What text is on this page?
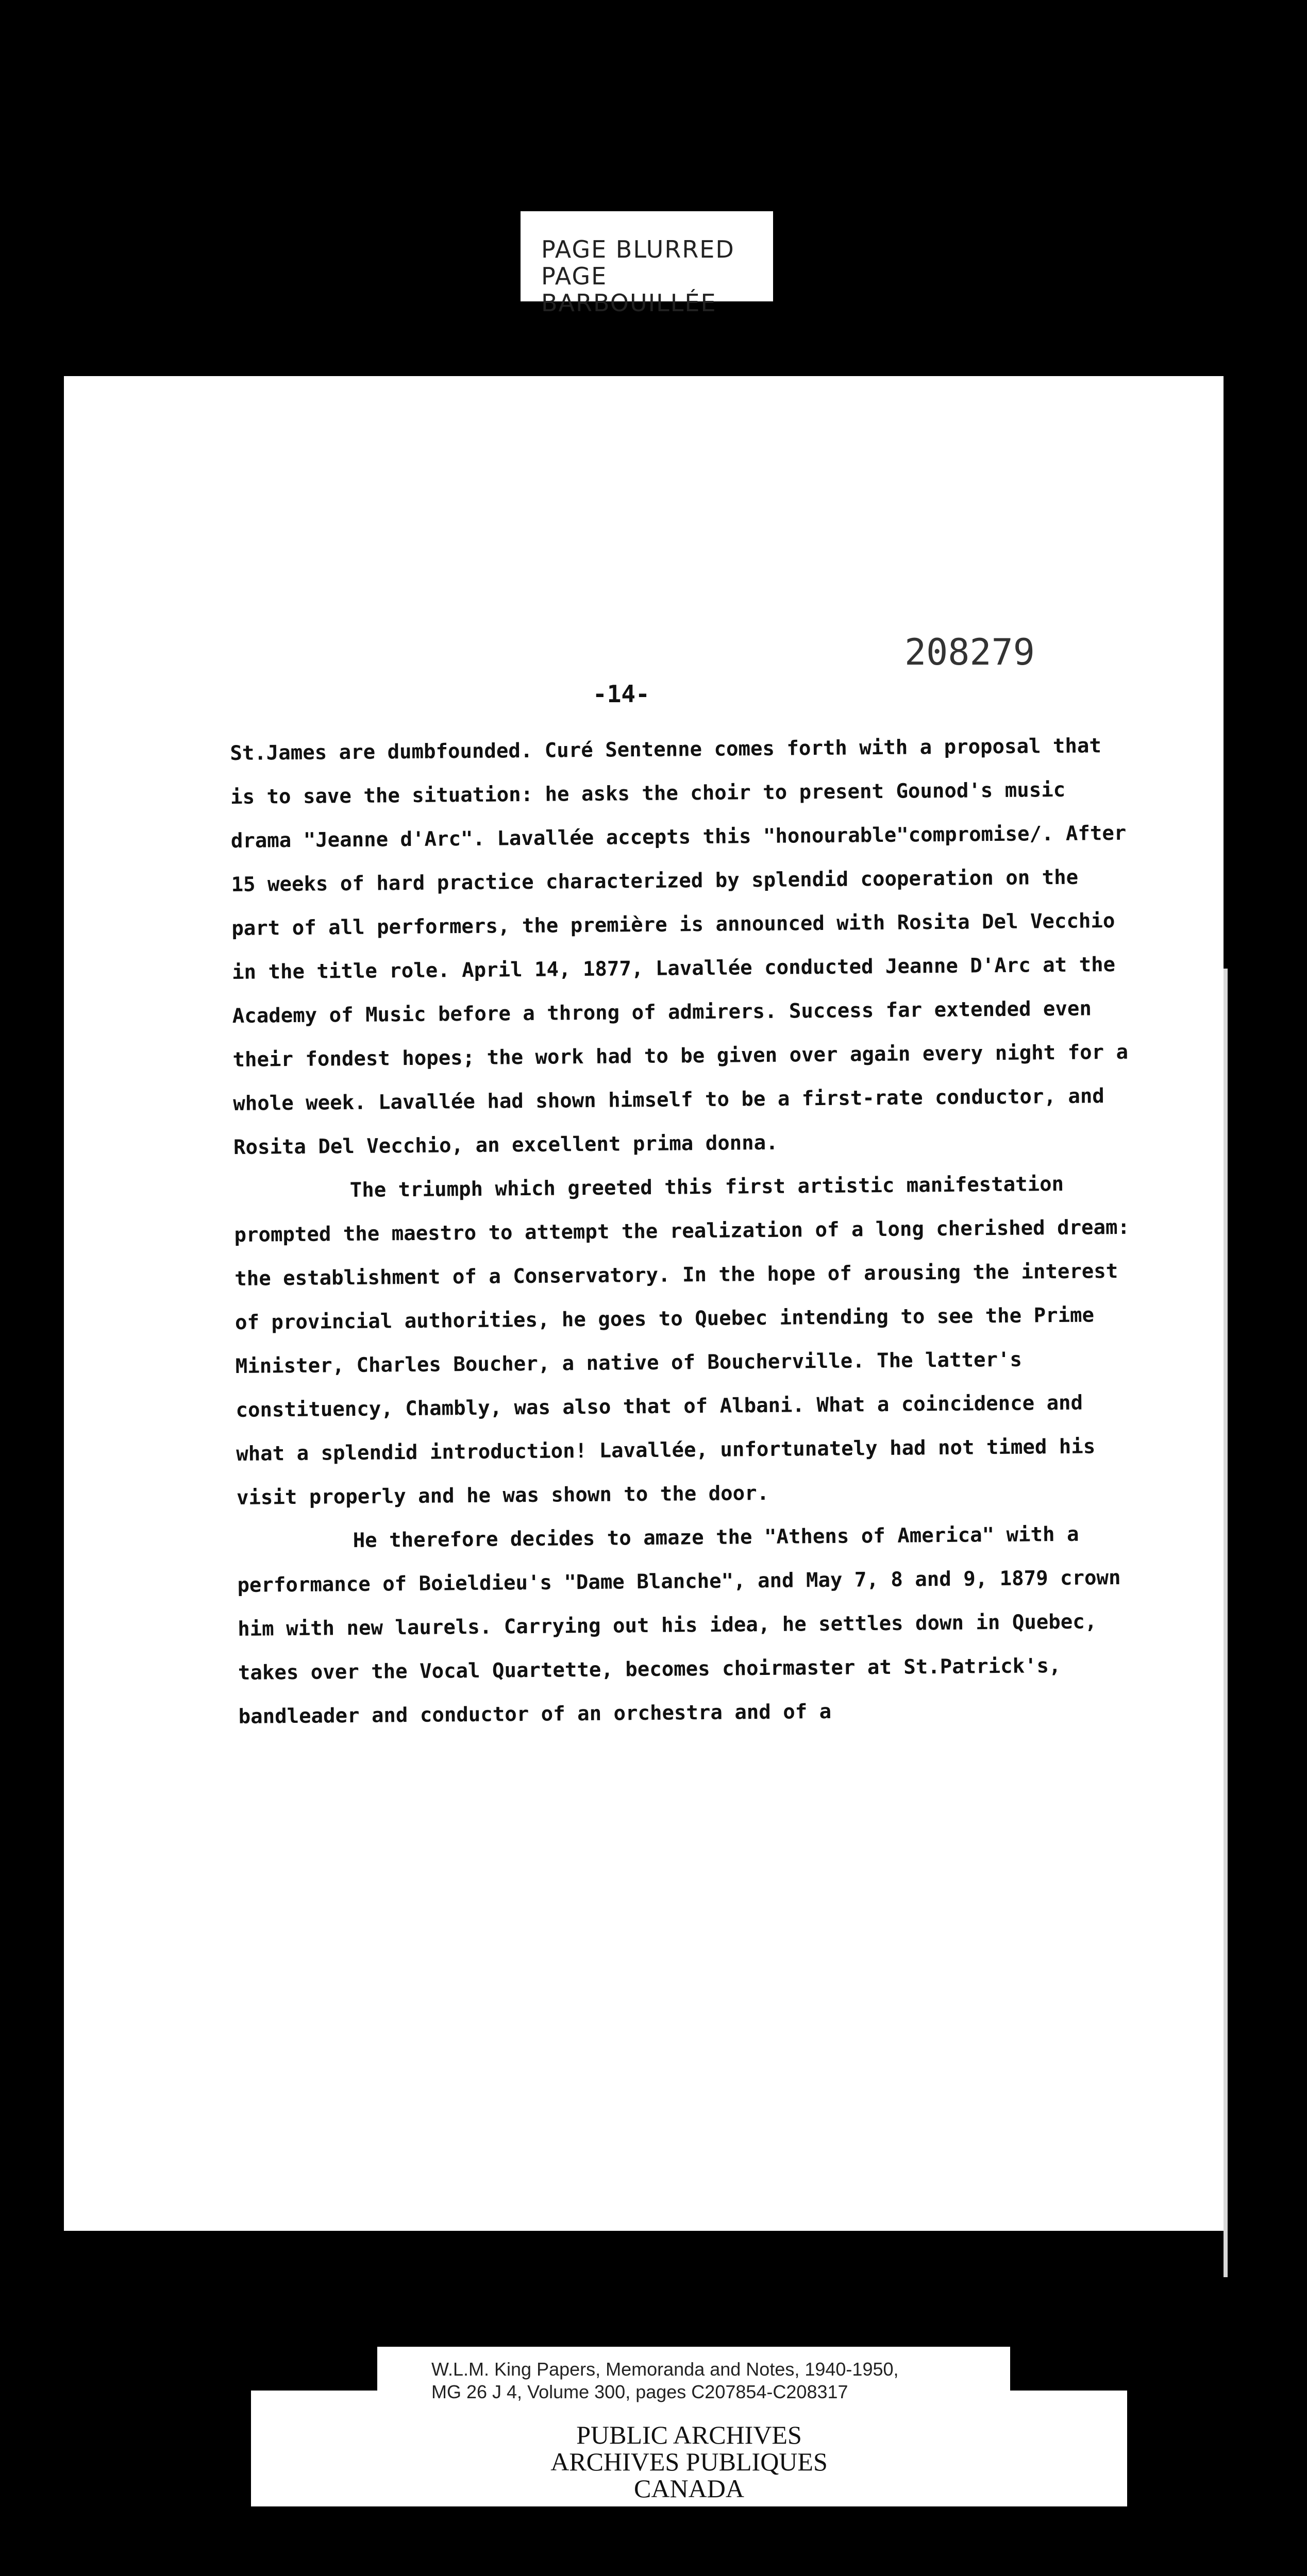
PAGE BLURRED
PAGE BARBOUILLÉE
208279
-14-

St.James are dumbfounded. Curé Sentenne comes forth with a proposal that is to save the situation: he asks the choir to present Gounod's music drama "Jeanne d'Arc". Lavallée accepts this "honourable"compromise/. After 15 weeks of hard practice characterized by splendid cooperation on the part of all performers, the première is announced with Rosita Del Vecchio in the title role. April 14, 1877, Lavallée conducted Jeanne D'Arc at the Academy of Music before a throng of admirers. Success far extended even their fondest hopes; the work had to be given over again every night for a whole week. Lavallée had shown himself to be a first-rate conductor, and Rosita Del Vecchio, an excellent prima donna.

The triumph which greeted this first artistic manifestation prompted the maestro to attempt the realization of a long cherished dream: the establishment of a Conservatory. In the hope of arousing the interest of provincial authorities, he goes to Quebec intending to see the Prime Minister, Charles Boucher, a native of Boucherville. The latter's constituency, Chambly, was also that of Albani. What a coincidence and what a splendid introduction! Lavallée, unfortunately had not timed his visit properly and he was shown to the door.

He therefore decides to amaze the "Athens of America" with a performance of Boieldieu's "Dame Blanche", and May 7, 8 and 9, 1879 crown him with new laurels. Carrying out his idea, he settles down in Quebec, takes over the Vocal Quartette, becomes choirmaster at St.Patrick's, bandleader and conductor of an orchestra and of a

W.L.M. King Papers, Memoranda and Notes, 1940-1950,
MG 26 J 4, Volume 300, pages C207854-C208317
PUBLIC ARCHIVES
ARCHIVES PUBLIQUES
CANADA
